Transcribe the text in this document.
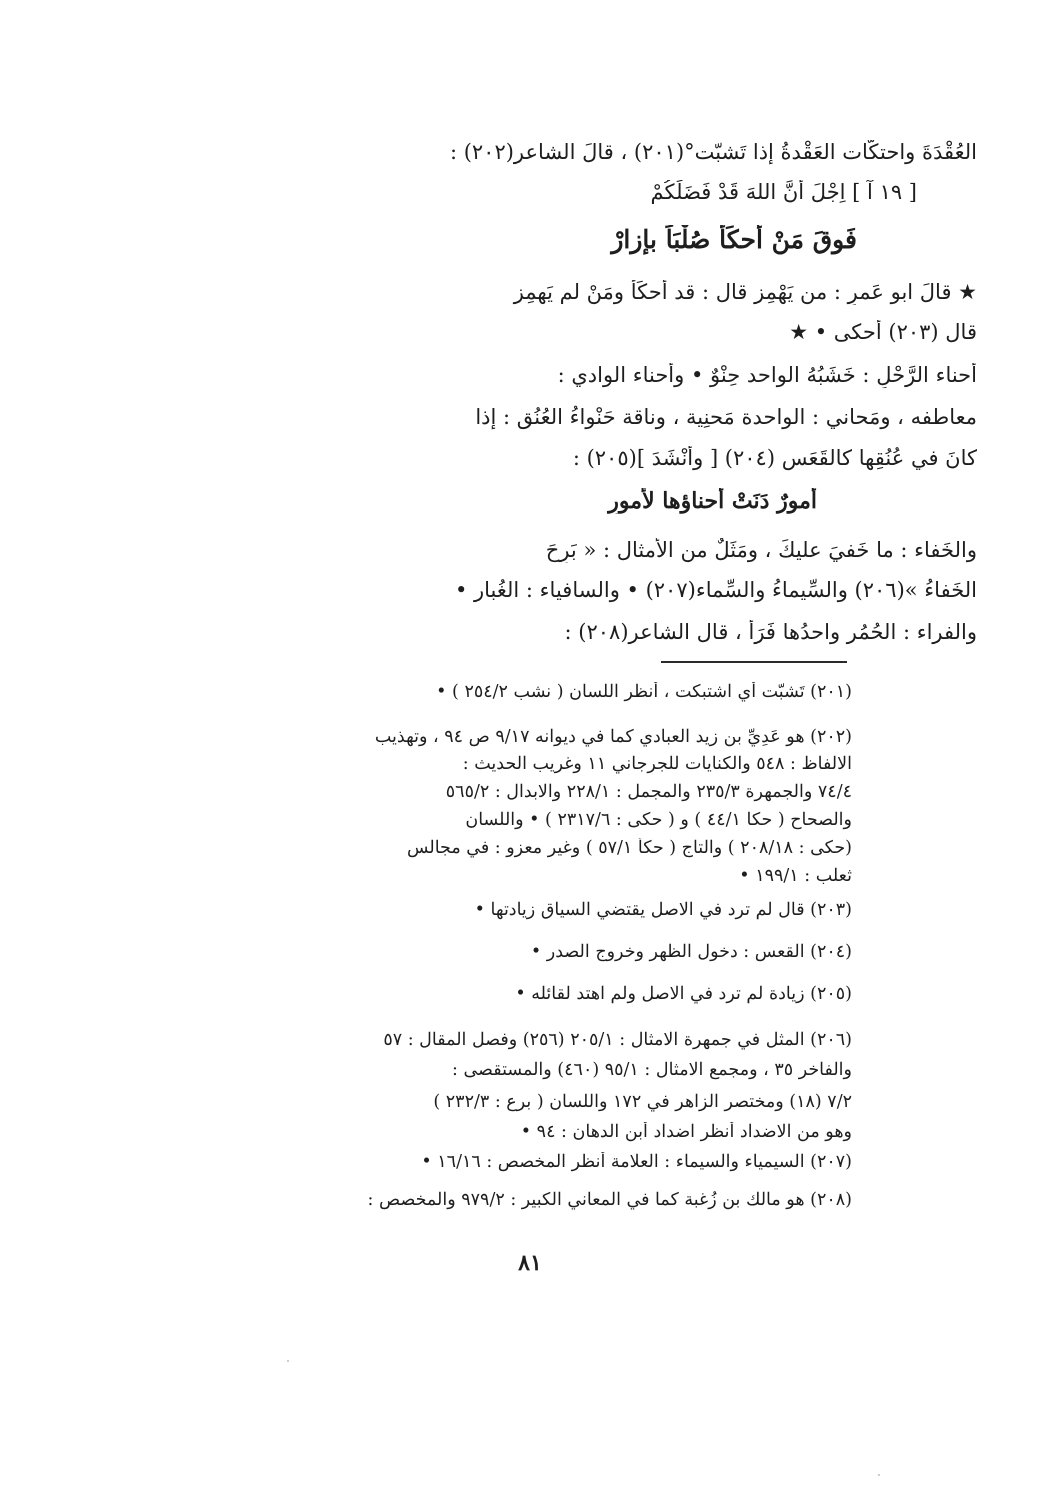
العُقْدَةَ واحتكَّات العَقْدةُ إذا تَشبّت°(٢٠١) ، قالَ الشاعر(٢٠٢) :
[ ١٩ آ ] اِجْلَ أنَّ اللهَ قَدْ فَضَلَكُمْ
فَوقَ مَنْ أَحكَأَ صُلْبَاً بإزارْ
★ قالَ ابو عَمرٍ : من يَهْمِز قال : قد أَحكَأَ ومَنْ لم يَهمِز
قال (٢٠٣) أحكى • ★
أحناء الرَّحْلِ : خَشَبُهُ الواحد حِنْوٌ • وأحناء الوادي :
معاطفه ، ومَحاني : الواحدة مَحنِية ، وناقة حَنْواءُ العُنُقِ : إذا
كانَ في عُنُقِها كالقَعَس (٢٠٤) [ وأنْشَدَ ](٢٠٥) :
أُمورٌ دَنَتْ أَحناؤها لأُمورِ
والخَفاء : ما خَفيَ عليكَ ، ومَثَلٌ من الأمثال : « بَرِحَ
الخَفاءُ »(٢٠٦) والسِّيماءُ والسِّماء(٢٠٧) • والسافياء : الغُبار •
والفراء : الحُمُر واحدُها فَرَأٌ ، قال الشاعر(٢٠٨) :
(٢٠١) تَشبّت أي اشتبكت ، أنظر اللسان ( نشب ٢٥٤/٢ ) •
(٢٠٢) هو عَدِيِّ بن زيد العبادي كما في ديوانه ٩/١٧ ص ٩٤ ، وتهذيب
الالفاظ : ٥٤٨ والكنايات للجرجاني ١١ وغريب الحديث :
٧٤/٤ والجمهرة ٢٣٥/٣ والمجمل : ٢٢٨/١ والابدال : ٥٦٥/٢
والصحاح ( حكا ٤٤/١ ) و ( حكى : ٢٣١٧/٦ ) • واللسان
(حكى : ٢٠٨/١٨ ) والتاج ( حكأ ٥٧/١ ) وغير معزو : في مجالس
ثعلب : ١٩٩/١ •
(٢٠٣) قال لم ترد في الاصل يقتضي السياق زيادتها •
(٢٠٤) القعس : دخول الظهر وخروج الصدر •
(٢٠٥) زيادة لم ترد في الاصل ولم اهتد لقائله •
(٢٠٦) المثل في جمهرة الامثال : ٢٠٥/١ (٢٥٦) وفصل المقال : ٥٧
والفاخر ٣٥ ، ومجمع الامثال : ٩٥/١ (٤٦٠) والمستقصى :
٧/٢ (١٨) ومختصر الزاهر في ١٧٢ واللسان ( برع : ٢٣٢/٣ )
وهو من الاضداد أنظر اضداد أبن الدهان : ٩٤ •
(٢٠٧) السيمياء والسيماء : العلامة أنظر المخصص : ١٦/١٦ •
(٢٠٨) هو مالك بن زُغبة كما في المعاني الكبير : ٩٧٩/٢ والمخصص :
٨١
